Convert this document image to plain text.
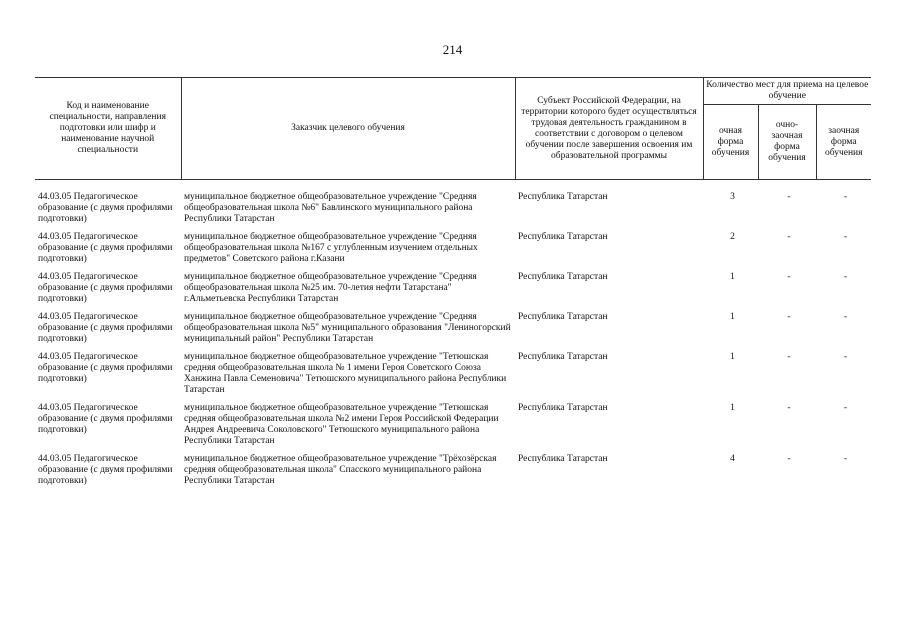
214
Код и наименование специальности, направления подготовки или шифр и наименование научной специальности	Заказчик целевого обучения	Субъект Российской Федерации, на территории которого будет осуществляться трудовая деятельность гражданином в соответствии с договором о целевом обучении после завершения освоения им образовательной программы	Количество мест для приема на целевое обучение		
			очная форма обучения	очно-заочная форма обучения	заочная форма обучения

44.03.05 Педагогическое образование (с двумя профилями подготовки)	муниципальное бюджетное общеобразовательное учреждение "Средняя общеобразовательная школа №6" Бавлинского муниципального района Республики Татарстан	Республика Татарстан	3	-	-
44.03.05 Педагогическое образование (с двумя профилями подготовки)	муниципальное бюджетное общеобразовательное учреждение "Средняя общеобразовательная школа №167 с углубленным изучением отдельных предметов" Советского района г.Казани	Республика Татарстан	2	-	-
44.03.05 Педагогическое образование (с двумя профилями подготовки)	муниципальное бюджетное общеобразовательное учреждение "Средняя общеобразовательная школа №25 им. 70-летия нефти Татарстана" г.Альметьевска Республики Татарстан	Республика Татарстан	1	-	-
44.03.05 Педагогическое образование (с двумя профилями подготовки)	муниципальное бюджетное общеобразовательное учреждение "Средняя общеобразовательная школа №5" муниципального образования "Лениногорский муниципальный район" Республики Татарстан	Республика Татарстан	1	-	-
44.03.05 Педагогическое образование (с двумя профилями подготовки)	муниципальное бюджетное общеобразовательное учреждение "Тетюшская средняя общеобразовательная школа № 1 имени Героя Советского Союза Ханжина Павла Семеновича" Тетюшского муниципального района Республики Татарстан	Республика Татарстан	1	-	-
44.03.05 Педагогическое образование (с двумя профилями подготовки)	муниципальное бюджетное общеобразовательное учреждение "Тетюшская средняя общеобразовательная школа №2 имени Героя Российской Федерации Андрея Андреевича Соколовского" Тетюшского муниципального района Республики Татарстан	Республика Татарстан	1	-	-
44.03.05 Педагогическое образование (с двумя профилями подготовки)	муниципальное бюджетное общеобразовательное учреждение "Трёхозёрская средняя общеобразовательная школа" Спасского муниципального района Республики Татарстан	Республика Татарстан	4	-	-
